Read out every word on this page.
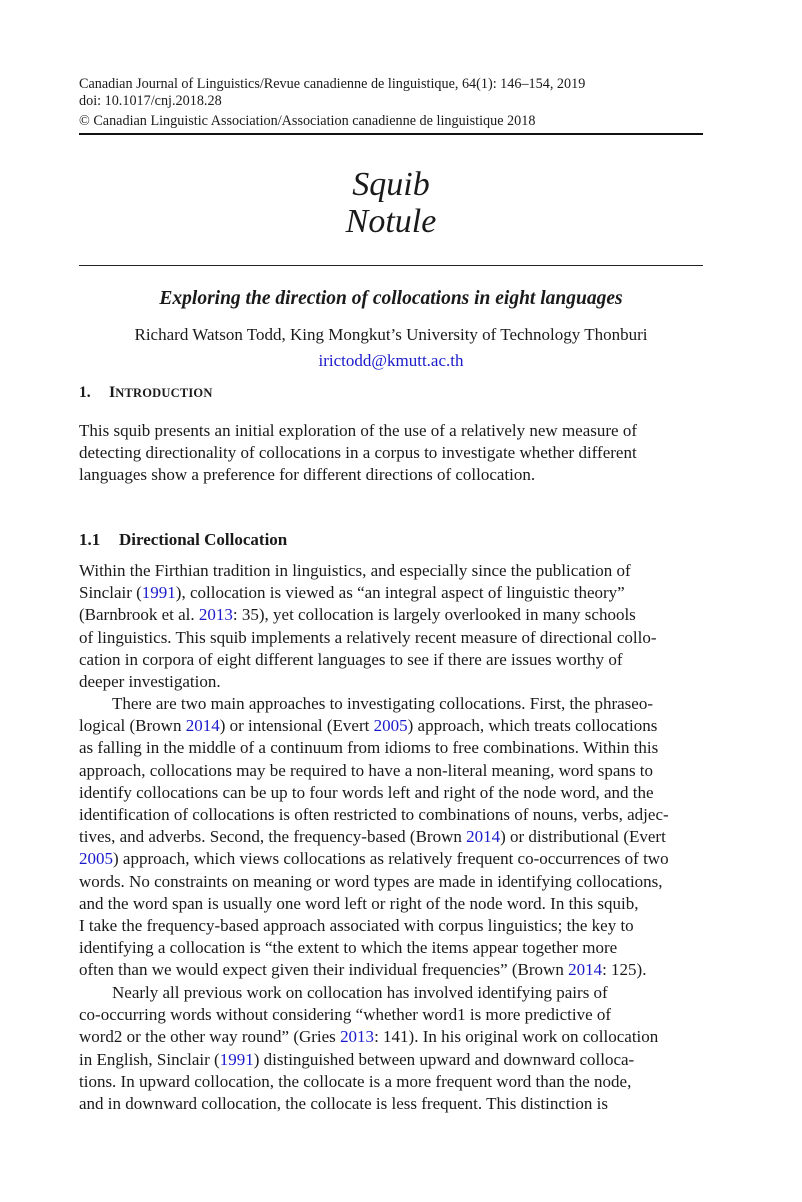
Canadian Journal of Linguistics/Revue canadienne de linguistique, 64(1): 146–154, 2019
doi: 10.1017/cnj.2018.28
© Canadian Linguistic Association/Association canadienne de linguistique 2018
Squib
Notule
Exploring the direction of collocations in eight languages
Richard Watson Todd, King Mongkut’s University of Technology Thonburi
irictodd@kmutt.ac.th
1. INTRODUCTION
This squib presents an initial exploration of the use of a relatively new measure of
detecting directionality of collocations in a corpus to investigate whether different
languages show a preference for different directions of collocation.
1.1 Directional Collocation
Within the Firthian tradition in linguistics, and especially since the publication of
Sinclair (1991), collocation is viewed as “an integral aspect of linguistic theory”
(Barnbrook et al. 2013: 35), yet collocation is largely overlooked in many schools
of linguistics. This squib implements a relatively recent measure of directional collo-
cation in corpora of eight different languages to see if there are issues worthy of
deeper investigation.
There are two main approaches to investigating collocations. First, the phraseo-
logical (Brown 2014) or intensional (Evert 2005) approach, which treats collocations
as falling in the middle of a continuum from idioms to free combinations. Within this
approach, collocations may be required to have a non-literal meaning, word spans to
identify collocations can be up to four words left and right of the node word, and the
identification of collocations is often restricted to combinations of nouns, verbs, adjec-
tives, and adverbs. Second, the frequency-based (Brown 2014) or distributional (Evert
2005) approach, which views collocations as relatively frequent co-occurrences of two
words. No constraints on meaning or word types are made in identifying collocations,
and the word span is usually one word left or right of the node word. In this squib,
I take the frequency-based approach associated with corpus linguistics; the key to
identifying a collocation is “the extent to which the items appear together more
often than we would expect given their individual frequencies” (Brown 2014: 125).
Nearly all previous work on collocation has involved identifying pairs of
co-occurring words without considering “whether word1 is more predictive of
word2 or the other way round” (Gries 2013: 141). In his original work on collocation
in English, Sinclair (1991) distinguished between upward and downward colloca-
tions. In upward collocation, the collocate is a more frequent word than the node,
and in downward collocation, the collocate is less frequent. This distinction is
